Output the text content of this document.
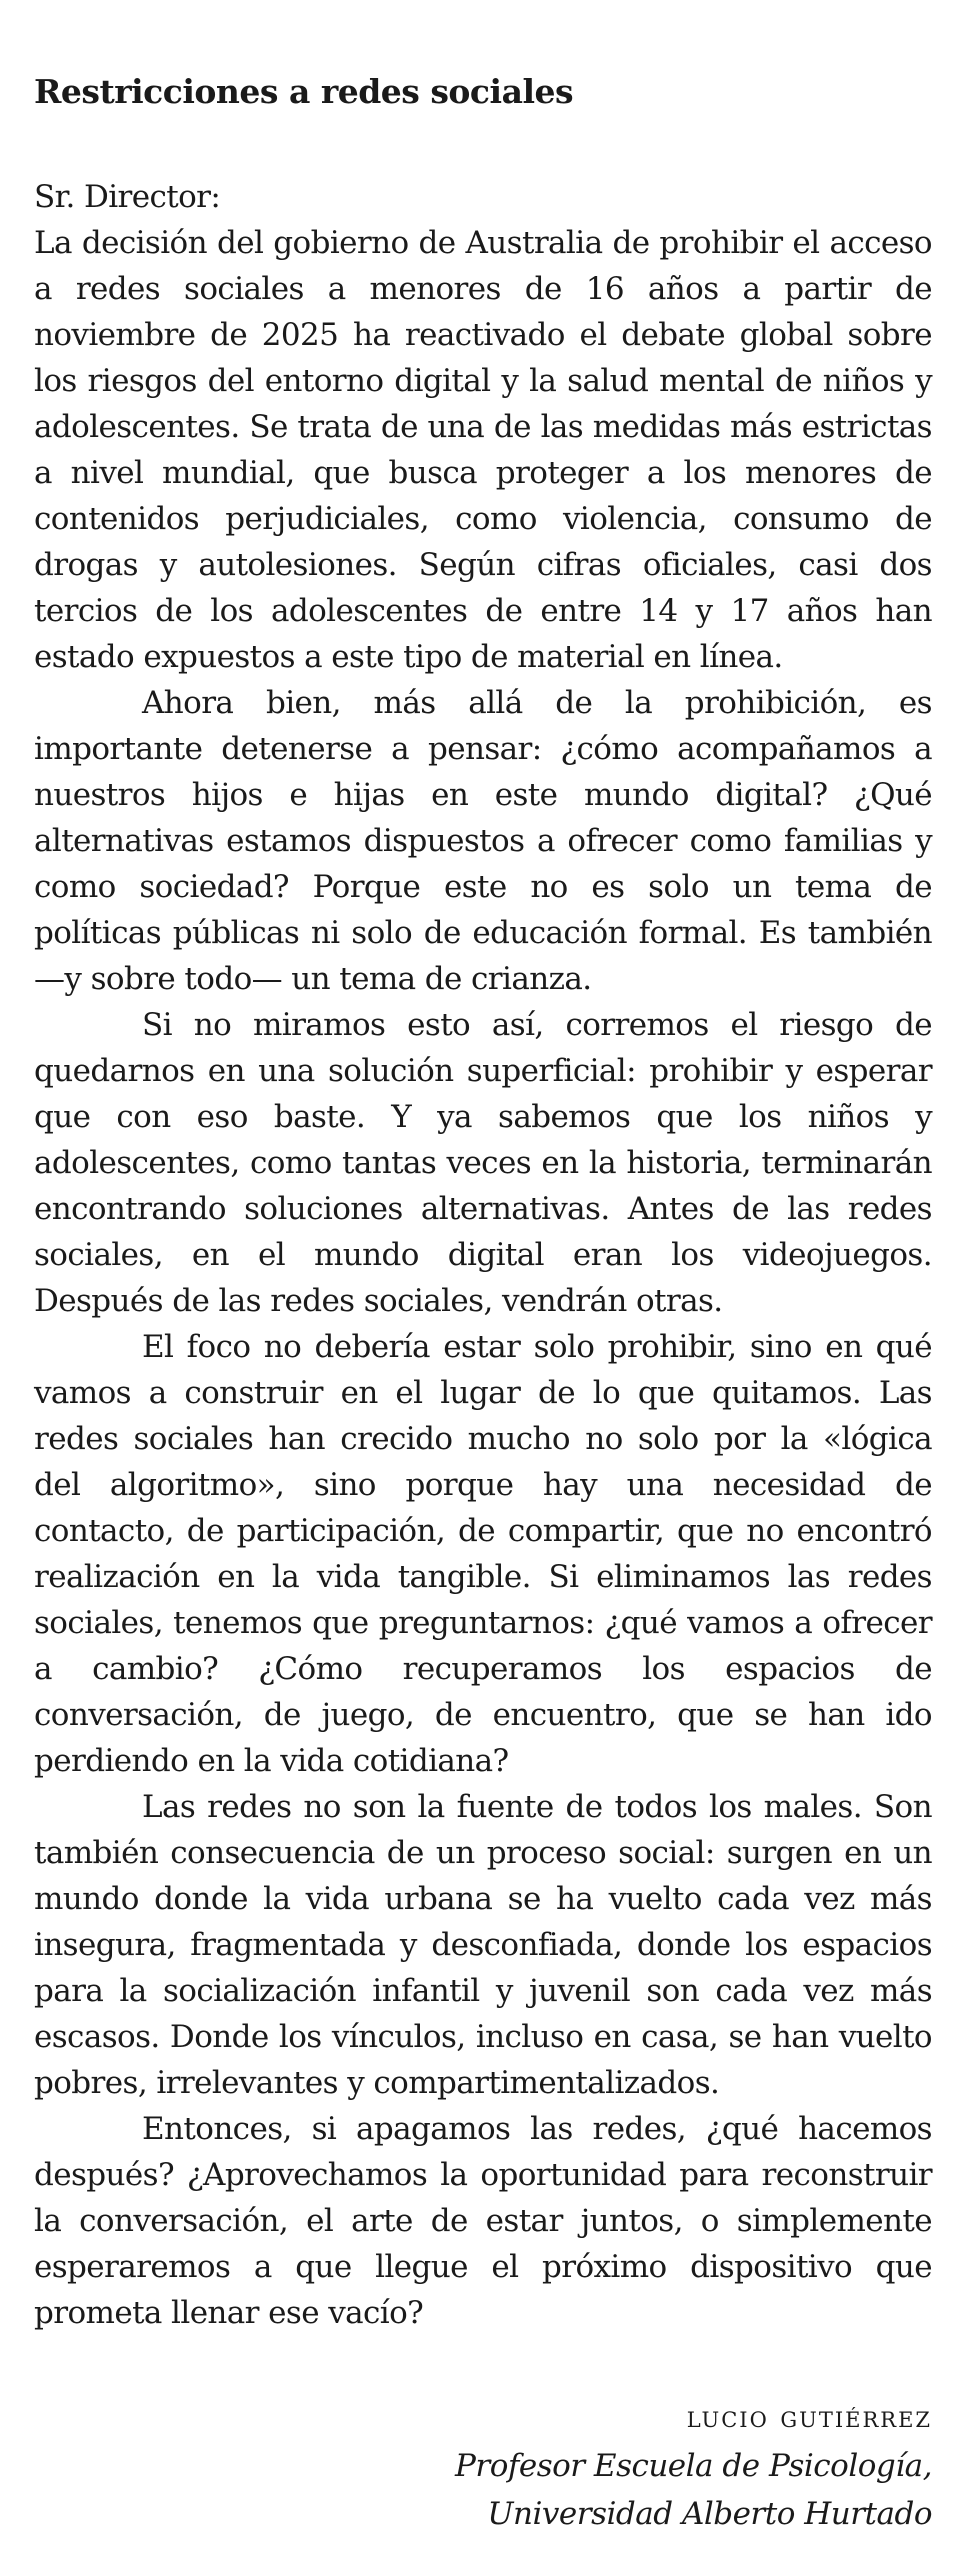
Restricciones a redes sociales

Sr. Director:

La decisión del gobierno de Australia de prohibir el acceso a redes sociales a menores de 16 años a partir de noviembre de 2025 ha reactivado el debate global sobre los riesgos del entorno digital y la salud mental de niños y adolescentes. Se trata de una de las medidas más estrictas a nivel mundial, que busca proteger a los menores de contenidos perjudiciales, como violencia, consumo de drogas y autolesiones. Según cifras oficiales, casi dos tercios de los adolescentes de entre 14 y 17 años han estado expuestos a este tipo de material en línea.

Ahora bien, más allá de la prohibición, es importante detenerse a pensar: ¿cómo acompañamos a nuestros hijos e hijas en este mundo digital? ¿Qué alternativas estamos dispuestos a ofrecer como familias y como sociedad? Porque este no es solo un tema de políticas públicas ni solo de educación formal. Es también —y sobre todo— un tema de crianza.

Si no miramos esto así, corremos el riesgo de quedarnos en una solución superficial: prohibir y esperar que con eso baste. Y ya sabemos que los niños y adolescentes, como tantas veces en la historia, terminarán encontrando soluciones alternativas. Antes de las redes sociales, en el mundo digital eran los videojuegos. Después de las redes sociales, vendrán otras.

El foco no debería estar solo prohibir, sino en qué vamos a construir en el lugar de lo que quitamos. Las redes sociales han crecido mucho no solo por la «lógica del algoritmo», sino porque hay una necesidad de contacto, de participación, de compartir, que no encontró realización en la vida tangible. Si eliminamos las redes sociales, tenemos que preguntarnos: ¿qué vamos a ofrecer a cambio? ¿Cómo recuperamos los espacios de conversación, de juego, de encuentro, que se han ido perdiendo en la vida cotidiana?

Las redes no son la fuente de todos los males. Son también consecuencia de un proceso social: surgen en un mundo donde la vida urbana se ha vuelto cada vez más insegura, fragmentada y desconfiada, donde los espacios para la socialización infantil y juvenil son cada vez más escasos. Donde los vínculos, incluso en casa, se han vuelto pobres, irrelevantes y compartimentalizados.

Entonces, si apagamos las redes, ¿qué hacemos después? ¿Aprovechamos la oportunidad para reconstruir la conversación, el arte de estar juntos, o simplemente esperaremos a que llegue el próximo dispositivo que prometa llenar ese vacío?

lucio gutiérrez
Profesor Escuela de Psicología,
Universidad Alberto Hurtado
